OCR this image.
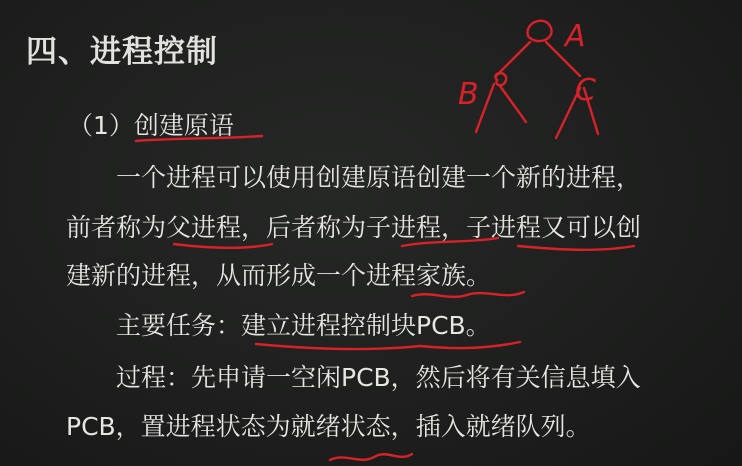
四、进程控制
（1）创建原语
一个进程可以使用创建原语创建一个新的进程，
前者称为父进程，后者称为子进程，子进程又可以创
建新的进程，从而形成一个进程家族。
主要任务：建立进程控制块PCB。
过程：先申请一空闲PCB，然后将有关信息填入
PCB，置进程状态为就绪状态，插入就绪队列。
A
B	C
